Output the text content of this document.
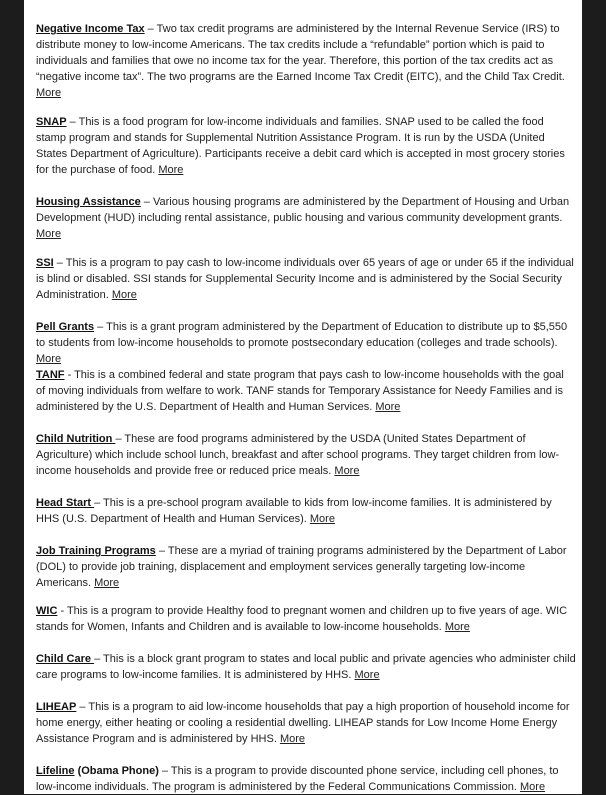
Negative Income Tax – Two tax credit programs are administered by the Internal Revenue Service (IRS) to distribute money to low-income Americans. The tax credits include a “refundable” portion which is paid to individuals and families that owe no income tax for the year. Therefore, this portion of the tax credits act as “negative income tax”. The two programs are the Earned Income Tax Credit (EITC), and the Child Tax Credit.
More

SNAP – This is a food program for low-income individuals and families. SNAP used to be called the food stamp program and stands for Supplemental Nutrition Assistance Program. It is run by the USDA (United States Department of Agriculture). Participants receive a debit card which is accepted in most grocery stories for the purchase of food. More

Housing Assistance – Various housing programs are administered by the Department of Housing and Urban Development (HUD) including rental assistance, public housing and various community development grants.
More

SSI – This is a program to pay cash to low-income individuals over 65 years of age or under 65 if the individual is blind or disabled. SSI stands for Supplemental Security Income and is administered by the Social Security Administration. More

Pell Grants – This is a grant program administered by the Department of Education to distribute up to $5,550 to students from low-income households to promote postsecondary education (colleges and trade schools). More

TANF - This is a combined federal and state program that pays cash to low-income households with the goal of moving individuals from welfare to work. TANF stands for Temporary Assistance for Needy Families and is administered by the U.S. Department of Health and Human Services. More

Child Nutrition – These are food programs administered by the USDA (United States Department of Agriculture) which include school lunch, breakfast and after school programs. They target children from low-income households and provide free or reduced price meals. More

Head Start – This is a pre-school program available to kids from low-income families. It is administered by HHS (U.S. Department of Health and Human Services). More

Job Training Programs – These are a myriad of training programs administered by the Department of Labor (DOL) to provide job training, displacement and employment services generally targeting low-income Americans. More

WIC - This is a program to provide Healthy food to pregnant women and children up to five years of age. WIC stands for Women, Infants and Children and is available to low-income households. More

Child Care – This is a block grant program to states and local public and private agencies who administer child care programs to low-income families. It is administered by HHS. More

LIHEAP – This is a program to aid low-income households that pay a high proportion of household income for home energy, either heating or cooling a residential dwelling. LIHEAP stands for Low Income Home Energy Assistance Program and is administered by HHS. More

Lifeline (Obama Phone) – This is a program to provide discounted phone service, including cell phones, to low-income individuals. The program is administered by the Federal Communications Commission. More
